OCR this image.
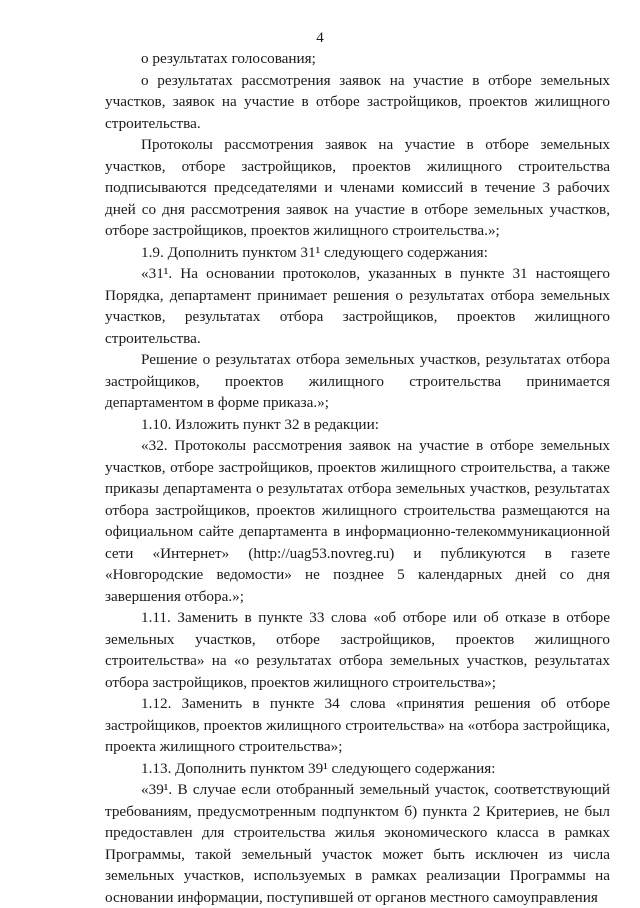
4

о результатах голосования;

о результатах рассмотрения заявок на участие в отборе земельных участков, заявок на участие в отборе застройщиков, проектов жилищного строительства.

Протоколы рассмотрения заявок на участие в отборе земельных участков, отборе застройщиков, проектов жилищного строительства подписываются председателями и членами комиссий в течение 3 рабочих дней со дня рассмотрения заявок на участие в отборе земельных участков, отборе застройщиков, проектов жилищного строительства.»;

1.9. Дополнить пунктом 31¹ следующего содержания:

«31¹. На основании протоколов, указанных в пункте 31 настоящего Порядка, департамент принимает решения о результатах отбора земельных участков, результатах отбора застройщиков, проектов жилищного строительства.

Решение о результатах отбора земельных участков, результатах отбора застройщиков, проектов жилищного строительства принимается департаментом в форме приказа.»;

1.10. Изложить пункт 32 в редакции:

«32. Протоколы рассмотрения заявок на участие в отборе земельных участков, отборе застройщиков, проектов жилищного строительства, а также приказы департамента о результатах отбора земельных участков, результатах отбора застройщиков, проектов жилищного строительства размещаются на официальном сайте департамента в информационно-телекоммуникационной сети «Интернет» (http://uag53.novreg.ru) и публикуются в газете «Новгородские ведомости» не позднее 5 календарных дней со дня завершения отбора.»;

1.11. Заменить в пункте 33 слова «об отборе или об отказе в отборе земельных участков, отборе застройщиков, проектов жилищного строительства» на «о результатах отбора земельных участков, результатах отбора застройщиков, проектов жилищного строительства»;

1.12. Заменить в пункте 34 слова «принятия решения об отборе застройщиков, проектов жилищного строительства» на «отбора застройщика, проекта жилищного строительства»;

1.13. Дополнить пунктом 39¹ следующего содержания:

«39¹. В случае если отобранный земельный участок, соответствующий требованиям, предусмотренным подпунктом б) пункта 2 Критериев, не был предоставлен для строительства жилья экономического класса в рамках Программы, такой земельный участок может быть исключен из числа земельных участков, используемых в рамках реализации Программы на основании информации, поступившей от органов местного самоуправления
